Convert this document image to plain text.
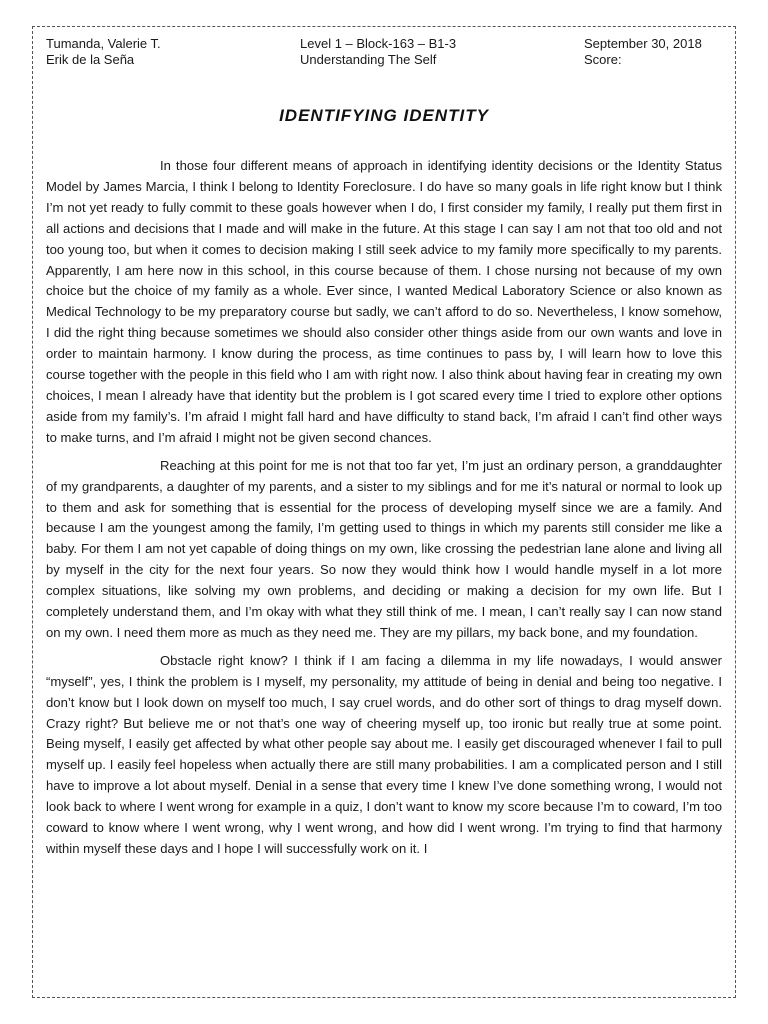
Tumanda, Valerie T.
Erik de la Seña
Level 1 – Block-163 – B1-3
Understanding The Self
September 30, 2018
Score:
IDENTIFYING IDENTITY

In those four different means of approach in identifying identity decisions or the Identity Status Model by James Marcia, I think I belong to Identity Foreclosure. I do have so many goals in life right know but I think I’m not yet ready to fully commit to these goals however when I do, I first consider my family, I really put them first in all actions and decisions that I made and will make in the future. At this stage I can say I am not that too old and not too young too, but when it comes to decision making I still seek advice to my family more specifically to my parents. Apparently, I am here now in this school, in this course because of them. I chose nursing not because of my own choice but the choice of my family as a whole. Ever since, I wanted Medical Laboratory Science or also known as Medical Technology to be my preparatory course but sadly, we can’t afford to do so. Nevertheless, I know somehow, I did the right thing because sometimes we should also consider other things aside from our own wants and love in order to maintain harmony. I know during the process, as time continues to pass by, I will learn how to love this course together with the people in this field who I am with right now. I also think about having fear in creating my own choices, I mean I already have that identity but the problem is I got scared every time I tried to explore other options aside from my family’s. I’m afraid I might fall hard and have difficulty to stand back, I’m afraid I can’t find other ways to make turns, and I’m afraid I might not be given second chances.

Reaching at this point for me is not that too far yet, I’m just an ordinary person, a granddaughter of my grandparents, a daughter of my parents, and a sister to my siblings and for me it’s natural or normal to look up to them and ask for something that is essential for the process of developing myself since we are a family. And because I am the youngest among the family, I’m getting used to things in which my parents still consider me like a baby. For them I am not yet capable of doing things on my own, like crossing the pedestrian lane alone and living all by myself in the city for the next four years. So now they would think how I would handle myself in a lot more complex situations, like solving my own problems, and deciding or making a decision for my own life. But I completely understand them, and I’m okay with what they still think of me. I mean, I can’t really say I can now stand on my own. I need them more as much as they need me. They are my pillars, my back bone, and my foundation.

Obstacle right know? I think if I am facing a dilemma in my life nowadays, I would answer “myself”, yes, I think the problem is I myself, my personality, my attitude of being in denial and being too negative. I don’t know but I look down on myself too much, I say cruel words, and do other sort of things to drag myself down. Crazy right? But believe me or not that’s one way of cheering myself up, too ironic but really true at some point. Being myself, I easily get affected by what other people say about me. I easily get discouraged whenever I fail to pull myself up. I easily feel hopeless when actually there are still many probabilities. I am a complicated person and I still have to improve a lot about myself. Denial in a sense that every time I knew I’ve done something wrong, I would not look back to where I went wrong for example in a quiz, I don’t want to know my score because I’m to coward, I’m too coward to know where I went wrong, why I went wrong, and how did I went wrong. I’m trying to find that harmony within myself these days and I hope I will successfully work on it. I
